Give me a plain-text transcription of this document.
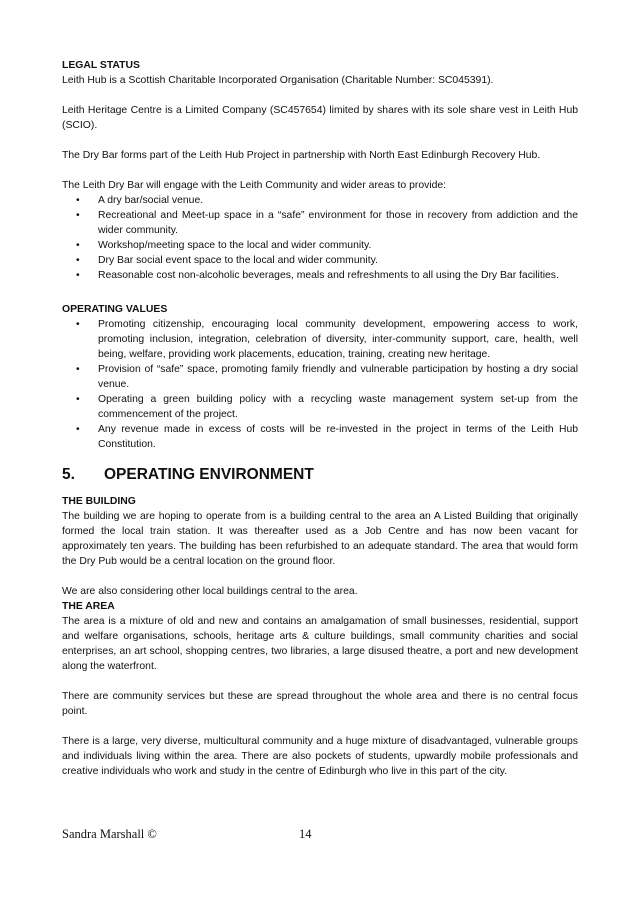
LEGAL STATUS

Leith Hub is a Scottish Charitable Incorporated Organisation (Charitable Number: SC045391).

Leith Heritage Centre is a Limited Company (SC457654) limited by shares with its sole share vest in Leith Hub (SCIO).

The Dry Bar forms part of the Leith Hub Project in partnership with North East Edinburgh Recovery Hub.

The Leith Dry Bar will engage with the Leith Community and wider areas to provide:

• A dry bar/social venue.
• Recreational and Meet-up space in a “safe” environment for those in recovery from addiction and the wider community.
• Workshop/meeting space to the local and wider community.
• Dry Bar social event space to the local and wider community.
• Reasonable cost non-alcoholic beverages, meals and refreshments to all using the Dry Bar facilities.

OPERATING VALUES

• Promoting citizenship, encouraging local community development, empowering access to work, promoting inclusion, integration, celebration of diversity, inter-community support, care, health, well being, welfare, providing work placements, education, training, creating new heritage.
• Provision of “safe” space, promoting family friendly and vulnerable participation by hosting a dry social venue.
• Operating a green building policy with a recycling waste management system set-up from the commencement of the project.
• Any revenue made in excess of costs will be re-invested in the project in terms of the Leith Hub Constitution.
5.	OPERATING ENVIRONMENT

THE BUILDING

The building we are hoping to operate from is a building central to the area an A Listed Building that originally formed the local train station. It was thereafter used as a Job Centre and has now been vacant for approximately ten years. The building has been refurbished to an adequate standard. The area that would form the Dry Pub would be a central location on the ground floor.

We are also considering other local buildings central to the area.

THE AREA

The area is a mixture of old and new and contains an amalgamation of small businesses, residential, support and welfare organisations, schools, heritage arts & culture buildings, small community charities and social enterprises, an art school, shopping centres, two libraries, a large disused theatre, a port and new development along the waterfront.

There are community services but these are spread throughout the whole area and there is no central focus point.

There is a large, very diverse, multicultural community and a huge mixture of disadvantaged, vulnerable groups and individuals living within the area. There are also pockets of students, upwardly mobile professionals and creative individuals who work and study in the centre of Edinburgh who live in this part of the city.

Sandra Marshall ©	14
